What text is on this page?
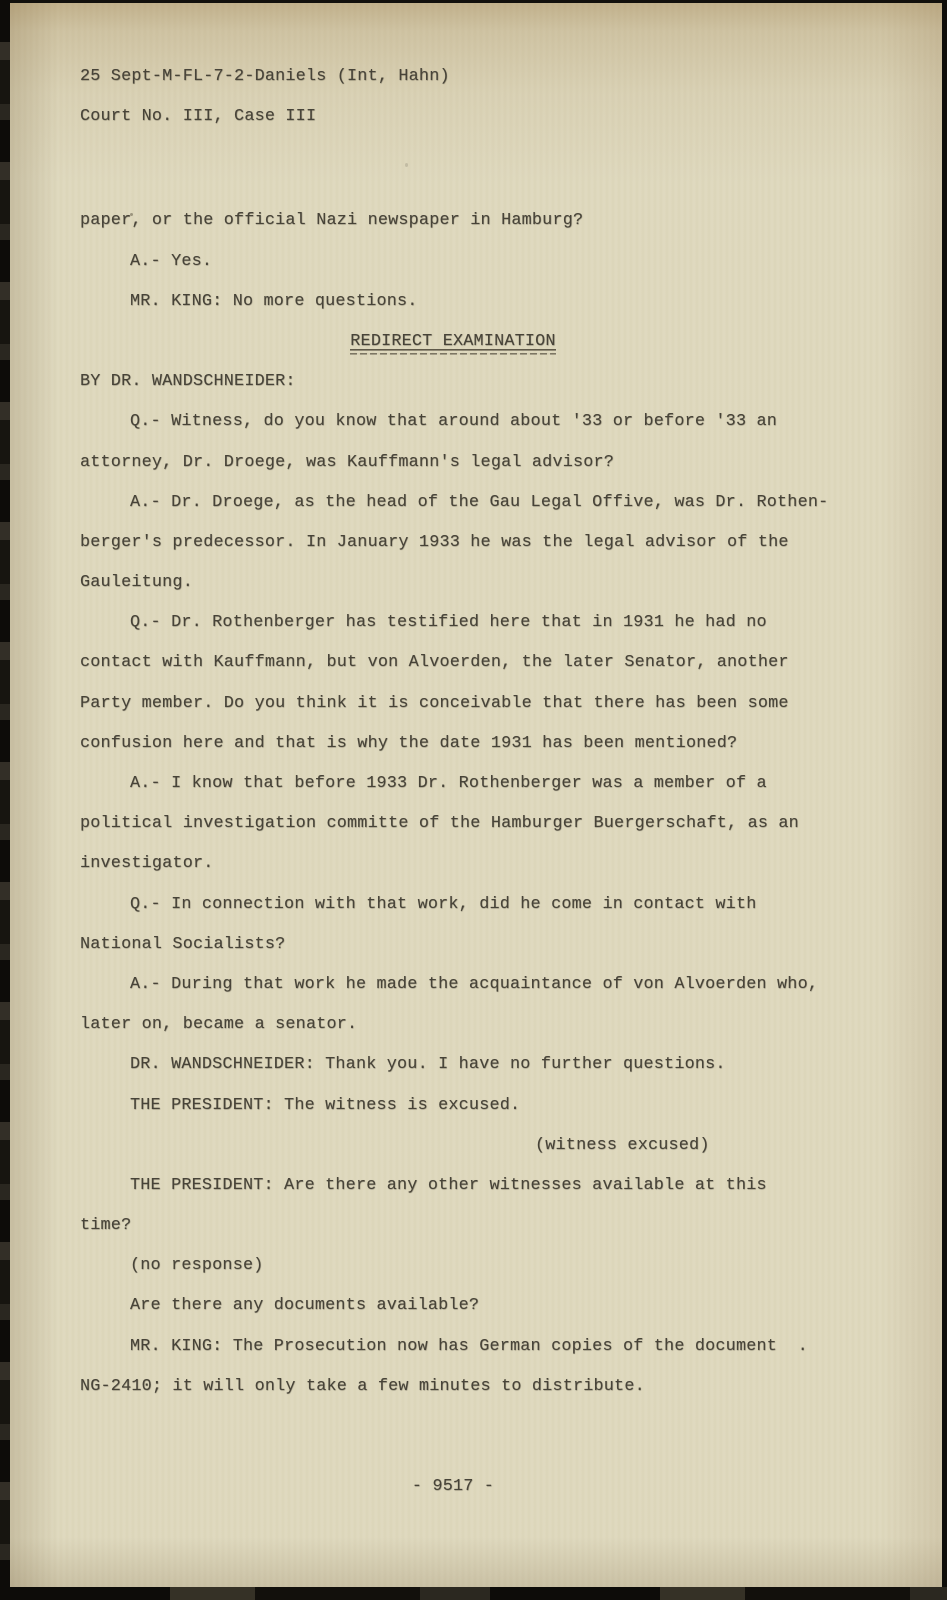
25 Sept-M-FL-7-2-Daniels (Int, Hahn)
Court No. III, Case III
paper, or the official Nazi newspaper in Hamburg?
A.- Yes.
MR. KING: No more questions.
REDIRECT EXAMINATION
BY DR. WANDSCHNEIDER:
Q.- Witness, do you know that around about '33 or before '33 an
attorney, Dr. Droege, was Kauffmann's legal advisor?
A.- Dr. Droege, as the head of the Gau Legal Offive, was Dr. Rothen-
berger's predecessor. In January 1933 he was the legal advisor of the
Gauleitung.
Q.- Dr. Rothenberger has testified here that in 1931 he had no
contact with Kauffmann, but von Alvoerden, the later Senator, another
Party member. Do you think it is conceivable that there has been some
confusion here and that is why the date 1931 has been mentioned?
A.- I know that before 1933 Dr. Rothenberger was a member of a
political investigation committe of the Hamburger Buergerschaft, as an
investigator.
Q.- In connection with that work, did he come in contact with
National Socialists?
A.- During that work he made the acquaintance of von Alvoerden who,
later on, became a senator.
DR. WANDSCHNEIDER: Thank you. I have no further questions.
THE PRESIDENT: The witness is excused.
(witness excused)
THE PRESIDENT: Are there any other witnesses available at this
time?
(no response)
Are there any documents available?
MR. KING: The Prosecution now has German copies of the document  .
NG-2410; it will only take a few minutes to distribute.
- 9517 -
